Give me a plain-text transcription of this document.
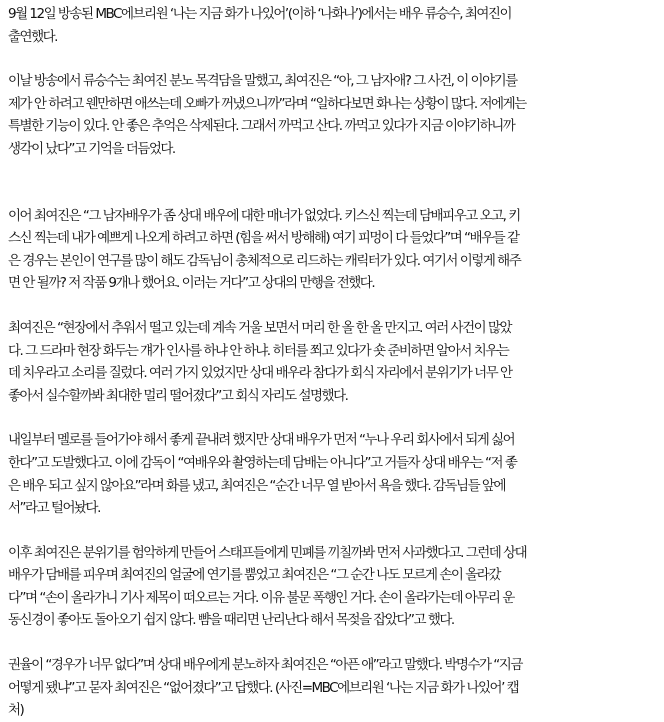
9월 12일 방송된 MBC에브리원 ‘나는 지금 화가 나있어’(이하 ‘나화나’)에서는 배우 류승수, 최여진이
출연했다.

이날 방송에서 류승수는 최여진 분노 목격담을 말했고, 최여진은 “아, 그 남자애? 그 사건, 이 이야기를
제가 안 하려고 웬만하면 애쓰는데 오빠가 꺼냈으니까”라며 “일하다보면 화나는 상황이 많다. 저에게는
특별한 기능이 있다. 안 좋은 추억은 삭제된다. 그래서 까먹고 산다. 까먹고 있다가 지금 이야기하니까
생각이 났다”고 기억을 더듬었다.

이어 최여진은 “그 남자배우가 좀 상대 배우에 대한 매너가 없었다. 키스신 찍는데 담배피우고 오고, 키
스신 찍는데 내가 예쁘게 나오게 하려고 하면 (힘을 써서 방해해) 여기 피멍이 다 들었다”며 “배우들 같
은 경우는 본인이 연구를 많이 해도 감독님이 총체적으로 리드하는 캐릭터가 있다. 여기서 이렇게 해주
면 안 될까? 저 작품 9개나 했어요. 이러는 거다”고 상대의 만행을 전했다.

최여진은 “현장에서 추워서 떨고 있는데 계속 거울 보면서 머리 한 올 한 올 만지고. 여러 사건이 많았
다. 그 드라마 현장 화두는 걔가 인사를 하냐 안 하냐. 히터를 쬐고 있다가 숏 준비하면 알아서 치우는
데 치우라고 소리를 질렀다. 여러 가지 있었지만 상대 배우라 참다가 회식 자리에서 분위기가 너무 안
좋아서 실수할까봐 최대한 멀리 떨어졌다”고 회식 자리도 설명했다.

내일부터 멜로를 들어가야 해서 좋게 끝내려 했지만 상대 배우가 먼저 “누나 우리 회사에서 되게 싫어
한다”고 도발했다고. 이에 감독이 “여배우와 촬영하는데 담배는 아니다”고 거들자 상대 배우는 “저 좋
은 배우 되고 싶지 않아요”라며 화를 냈고, 최여진은 “순간 너무 열 받아서 욕을 했다. 감독님들 앞에
서”라고 털어놨다.

이후 최여진은 분위기를 험악하게 만들어 스태프들에게 민폐를 끼칠까봐 먼저 사과했다고. 그런데 상대
배우가 담배를 피우며 최여진의 얼굴에 연기를 뿜었고 최여진은 “그 순간 나도 모르게 손이 올라갔
다”며 “손이 올라가니 기사 제목이 떠오르는 거다. 이유 불문 폭행인 거다. 손이 올라가는데 아무리 운
동신경이 좋아도 돌아오기 쉽지 않다. 뺨을 때리면 난리난다 해서 목젖을 잡았다”고 했다.

권율이 “경우가 너무 없다”며 상대 배우에게 분노하자 최여진은 “아픈 애”라고 말했다. 박명수가 “지금
어떻게 됐냐”고 묻자 최여진은 “없어졌다”고 답했다. (사진=MBC에브리원 ‘나는 지금 화가 나있어’ 캡
처)
